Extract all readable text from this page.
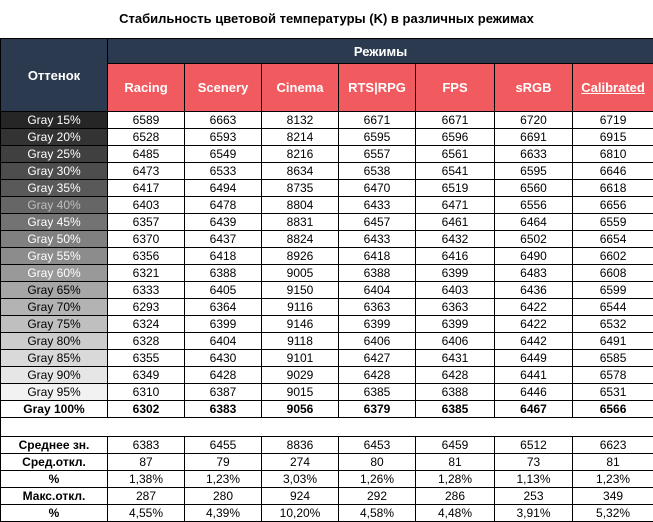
Стабильность цветовой температуры (K) в различных режимах
Оттенок	Режимы						
	Racing	Scenery	Cinema	RTS|RPG	FPS	sRGB	Calibrated
Gray 15%	6589	6663	8132	6671	6671	6720	6719
Gray 20%	6528	6593	8214	6595	6596	6691	6915
Gray 25%	6485	6549	8216	6557	6561	6633	6810
Gray 30%	6473	6533	8634	6538	6541	6595	6646
Gray 35%	6417	6494	8735	6470	6519	6560	6618
Gray 40%	6403	6478	8804	6433	6471	6556	6656
Gray 45%	6357	6439	8831	6457	6461	6464	6559
Gray 50%	6370	6437	8824	6433	6432	6502	6654
Gray 55%	6356	6418	8926	6418	6416	6490	6602
Gray 60%	6321	6388	9005	6388	6399	6483	6608
Gray 65%	6333	6405	9150	6404	6403	6436	6599
Gray 70%	6293	6364	9116	6363	6363	6422	6544
Gray 75%	6324	6399	9146	6399	6399	6422	6532
Gray 80%	6328	6404	9118	6406	6406	6442	6491
Gray 85%	6355	6430	9101	6427	6431	6449	6585
Gray 90%	6349	6428	9029	6428	6428	6441	6578
Gray 95%	6310	6387	9015	6385	6388	6446	6531
Gray 100%	6302	6383	9056	6379	6385	6467	6566

Среднее зн.	6383	6455	8836	6453	6459	6512	6623
Сред.откл.	87	79	274	80	81	73	81
%	1,38%	1,23%	3,03%	1,26%	1,28%	1,13%	1,23%
Макс.откл.	287	280	924	292	286	253	349
%	4,55%	4,39%	10,20%	4,58%	4,48%	3,91%	5,32%
